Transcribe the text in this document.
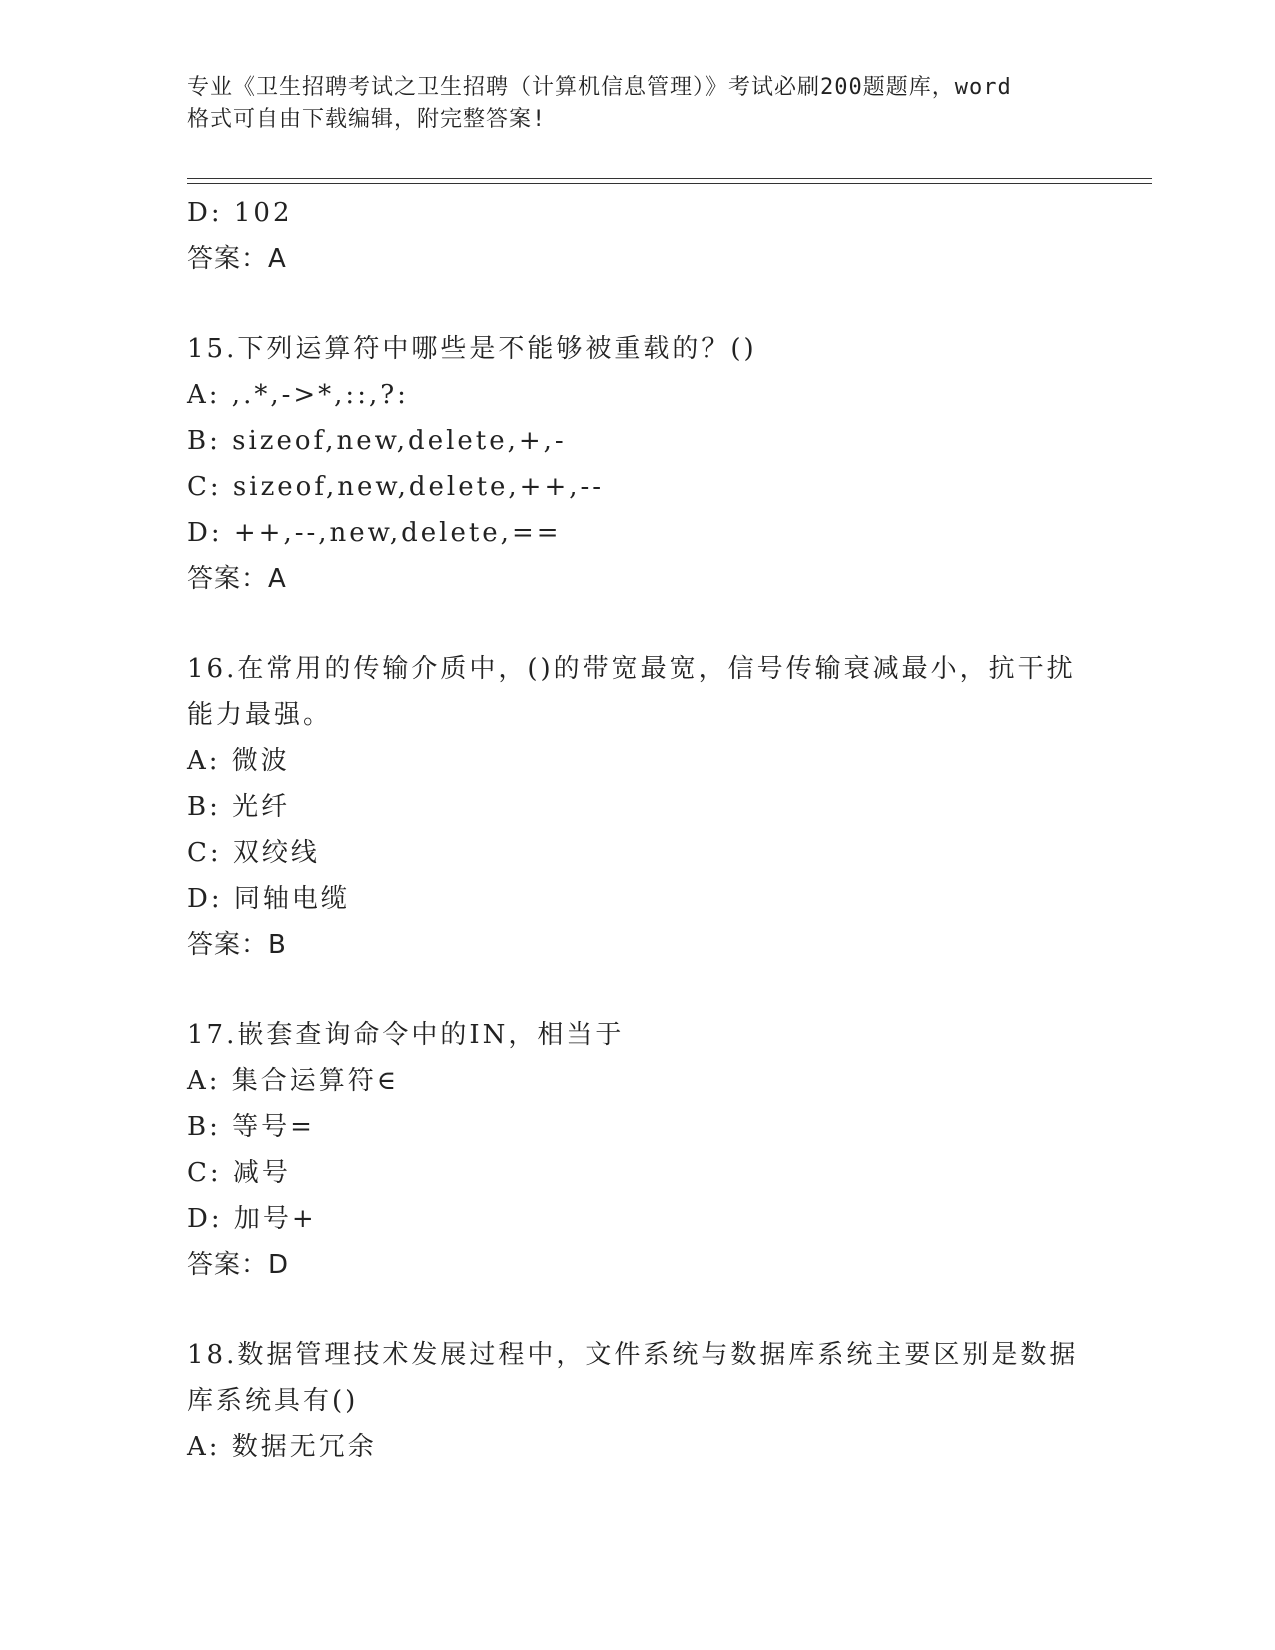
专业《卫生招聘考试之卫生招聘（计算机信息管理）》考试必刷200题题库，word
格式可自由下载编辑，附完整答案!
D: 102
答案：A
15.下列运算符中哪些是不能够被重载的？()
A: ,.*,->*,::,?:
B: sizeof,new,delete,+,-
C: sizeof,new,delete,++,--
D: ++,--,new,delete,==
答案：A
16.在常用的传输介质中，()的带宽最宽，信号传输衰减最小，抗干扰
能力最强。
A: 微波
B: 光纤
C: 双绞线
D: 同轴电缆
答案：B
17.嵌套查询命令中的IN，相当于
A: 集合运算符∈
B: 等号=
C: 减号
D: 加号+
答案：D
18.数据管理技术发展过程中，文件系统与数据库系统主要区别是数据
库系统具有()
A: 数据无冗余
